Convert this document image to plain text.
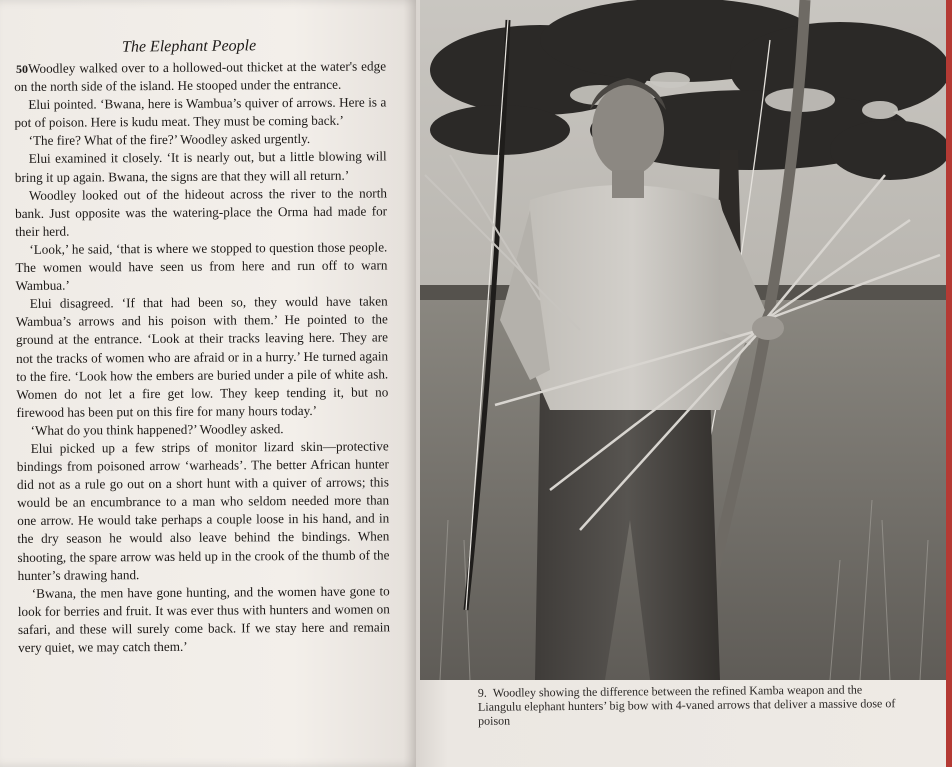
The Elephant People
50 Woodley walked over to a hollowed-out thicket at the water's edge on the north side of the island. He stooped under the entrance.

Elui pointed. ‘Bwana, here is Wambua’s quiver of arrows. Here is a pot of poison. Here is kudu meat. They must be coming back.’

‘The fire? What of the fire?’ Woodley asked urgently.

Elui examined it closely. ‘It is nearly out, but a little blowing will bring it up again. Bwana, the signs are that they will all return.’

Woodley looked out of the hideout across the river to the north bank. Just opposite was the watering-place the Orma had made for their herd.

‘Look,’ he said, ‘that is where we stopped to question those people. The women would have seen us from here and run off to warn Wambua.’

Elui disagreed. ‘If that had been so, they would have taken Wambua’s arrows and his poison with them.’ He pointed to the ground at the entrance. ‘Look at their tracks leaving here. They are not the tracks of women who are afraid or in a hurry.’ He turned again to the fire. ‘Look how the embers are buried under a pile of white ash. Women do not let a fire get low. They keep tending it, but no firewood has been put on this fire for many hours today.’

‘What do you think happened?’ Woodley asked.

Elui picked up a few strips of monitor lizard skin—protective bindings from poisoned arrow ‘warheads’. The better African hunter did not as a rule go out on a short hunt with a quiver of arrows; this would be an encumbrance to a man who seldom needed more than one arrow. He would take perhaps a couple loose in his hand, and in the dry season he would also leave behind the bindings. When shooting, the spare arrow was held up in the crook of the thumb of the hunter’s drawing hand.

‘Bwana, the men have gone hunting, and the women have gone to look for berries and fruit. It was ever thus with hunters and women on safari, and these will surely come back. If we stay here and remain very quiet, we may catch them.’

9. Woodley showing the difference between the refined Kamba weapon and the Liangulu elephant hunters’ big bow with 4-vaned arrows that deliver a massive dose of poison
